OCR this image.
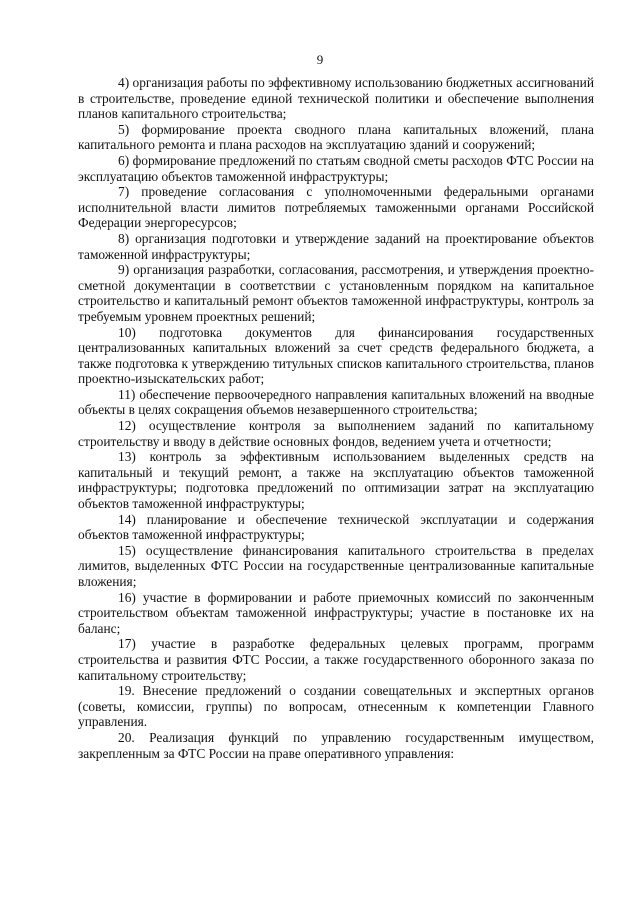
9

4) организация работы по эффективному использованию бюджетных ассигнований в строительстве, проведение единой технической политики и обеспечение выполнения планов капитального строительства;

5) формирование проекта сводного плана капитальных вложений, плана капитального ремонта и плана расходов на эксплуатацию зданий и сооружений;

6) формирование предложений по статьям сводной сметы расходов ФТС России на эксплуатацию объектов таможенной инфраструктуры;

7) проведение согласования с уполномоченными федеральными органами исполнительной власти лимитов потребляемых таможенными органами Российской Федерации энергоресурсов;

8) организация подготовки и утверждение заданий на проектирование объектов таможенной инфраструктуры;

9) организация разработки, согласования, рассмотрения, и утверждения проектно-сметной документации в соответствии с установленным порядком на капитальное строительство и капитальный ремонт объектов таможенной инфраструктуры, контроль за требуемым уровнем проектных решений;

10) подготовка документов для финансирования государственных централизованных капитальных вложений за счет средств федерального бюджета, а также подготовка к утверждению титульных списков капитального строительства, планов проектно-изыскательских работ;

11) обеспечение первоочередного направления капитальных вложений на вводные объекты в целях сокращения объемов незавершенного строительства;

12) осуществление контроля за выполнением заданий по капитальному строительству и вводу в действие основных фондов, ведением учета и отчетности;

13) контроль за эффективным использованием выделенных средств на капитальный и текущий ремонт, а также на эксплуатацию объектов таможенной инфраструктуры; подготовка предложений по оптимизации затрат на эксплуатацию объектов таможенной инфраструктуры;

14) планирование и обеспечение технической эксплуатации и содержания объектов таможенной инфраструктуры;

15) осуществление финансирования капитального строительства в пределах лимитов, выделенных ФТС России на государственные централизованные капитальные вложения;

16) участие в формировании и работе приемочных комиссий по законченным строительством объектам таможенной инфраструктуры; участие в постановке их на баланс;

17) участие в разработке федеральных целевых программ, программ строительства и развития ФТС России, а также государственного оборонного заказа по капитальному строительству;

19. Внесение предложений о создании совещательных и экспертных органов (советы, комиссии, группы) по вопросам, отнесенным к компетенции Главного управления.

20. Реализация функций по управлению государственным имуществом, закрепленным за ФТС России на праве оперативного управления:
